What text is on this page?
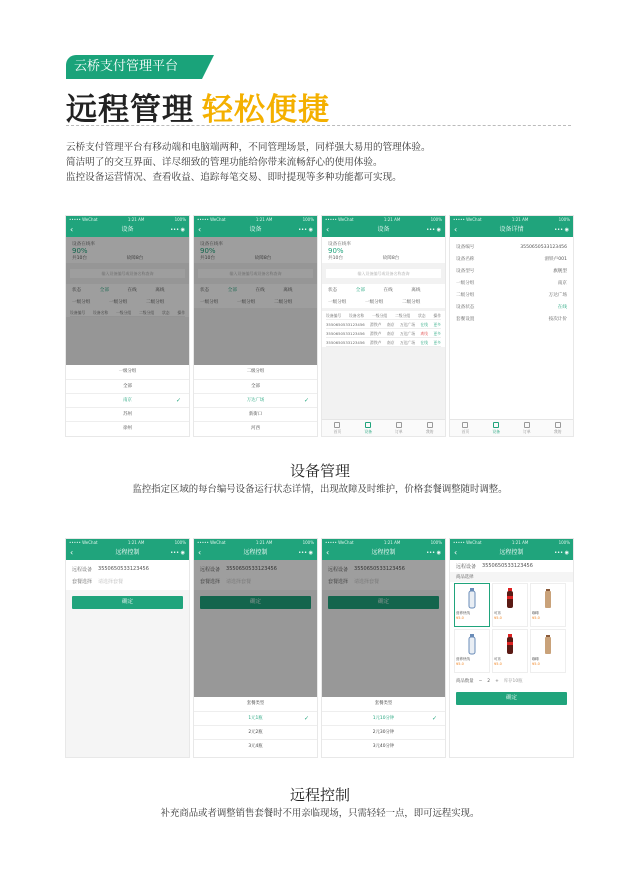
云桥支付管理平台
远程管理 轻松便捷
云桥支付管理平台有移动端和电脑端两种，不同管理场景，同样强大易用的管理体验。
简洁明了的交互界面、详尽细致的管理功能给你带来流畅舒心的使用体验。
监控设备运营情况、查看收益、追踪每笔交易、即时提现等多种功能都可实现。
••••• WeChat	1:21 AM	100%
‹	设备	••• ◉
设备在线率
90%
共10台	故障8台
输入设备编号或设备名称查询
状态	全部	在线	离线
一级分组	一级分组	二级分组
设备编号 设备名称 一级分组 二级分组 状态 操作
一级分组
全部
南京 ✓
苏州
徐州
••••• WeChat	1:21 AM	100%
‹	设备	••• ◉
设备在线率
90%
共10台	故障8台
输入设备编号或设备名称查询
状态	全部	在线	离线
一级分组	一级分组	二级分组
二级分组
全部
万达广场 ✓
新街口
河西
••••• WeChat	1:21 AM	100%
‹	设备	••• ◉
设备在线率
90%
共10台	故障8台
输入设备编号或设备名称查询
状态	全部	在线	离线
一级分组	一级分组	二级分组
设备编号 设备名称 一级分组 二级分组 状态 操作
3550650533123456 滑铁卢 南京 万达广场 在线 更多
3550650533123456 滑铁卢 南京 万达广场 离线 更多
3550650533123456 滑铁卢 南京 万达广场 在线 更多
首页	设备	订单	我的
••••• WeChat	1:21 AM	100%
‹	设备详情	••• ◉
设备编号	3550650533123456
设备名称	滑铁卢001
设备型号	旗舰型
一级分组	南京
二级分组	万达广场
设备状态	在线
套餐设置	按次计价
首页	设备	订单	我的
设备管理
监控指定区域的每台编号设备运行状态详情，出现故障及时维护，价格套餐调整随时调整。
••••• WeChat	1:21 AM	100%
‹	远程控制	••• ◉
远程设备 3550650533123456
套餐选择 请选择套餐
确定
••••• WeChat	1:21 AM	100%
‹	远程控制	••• ◉
远程设备 3550650533123456
套餐选择 请选择套餐
确定
套餐类型
1元1瓶 ✓
2元2瓶
3元4瓶
••••• WeChat	1:21 AM	100%
‹	远程控制	••• ◉
远程设备 3550650533123456
套餐选择 请选择套餐
确定
套餐类型
1元10分钟 ✓
2元30分钟
3元40分钟
••••• WeChat	1:21 AM	100%
‹	远程控制	••• ◉
远程设备 3550650533123456
商品选择
营养快线
¥5.0
可乐
¥5.0
咖啡
¥5.0
营养快线
¥5.0
可乐
¥5.0
咖啡
¥5.0
商品数量 − 2 + 库存10瓶
确定
远程控制
补充商品或者调整销售套餐时不用亲临现场，只需轻轻一点，即可远程实现。
